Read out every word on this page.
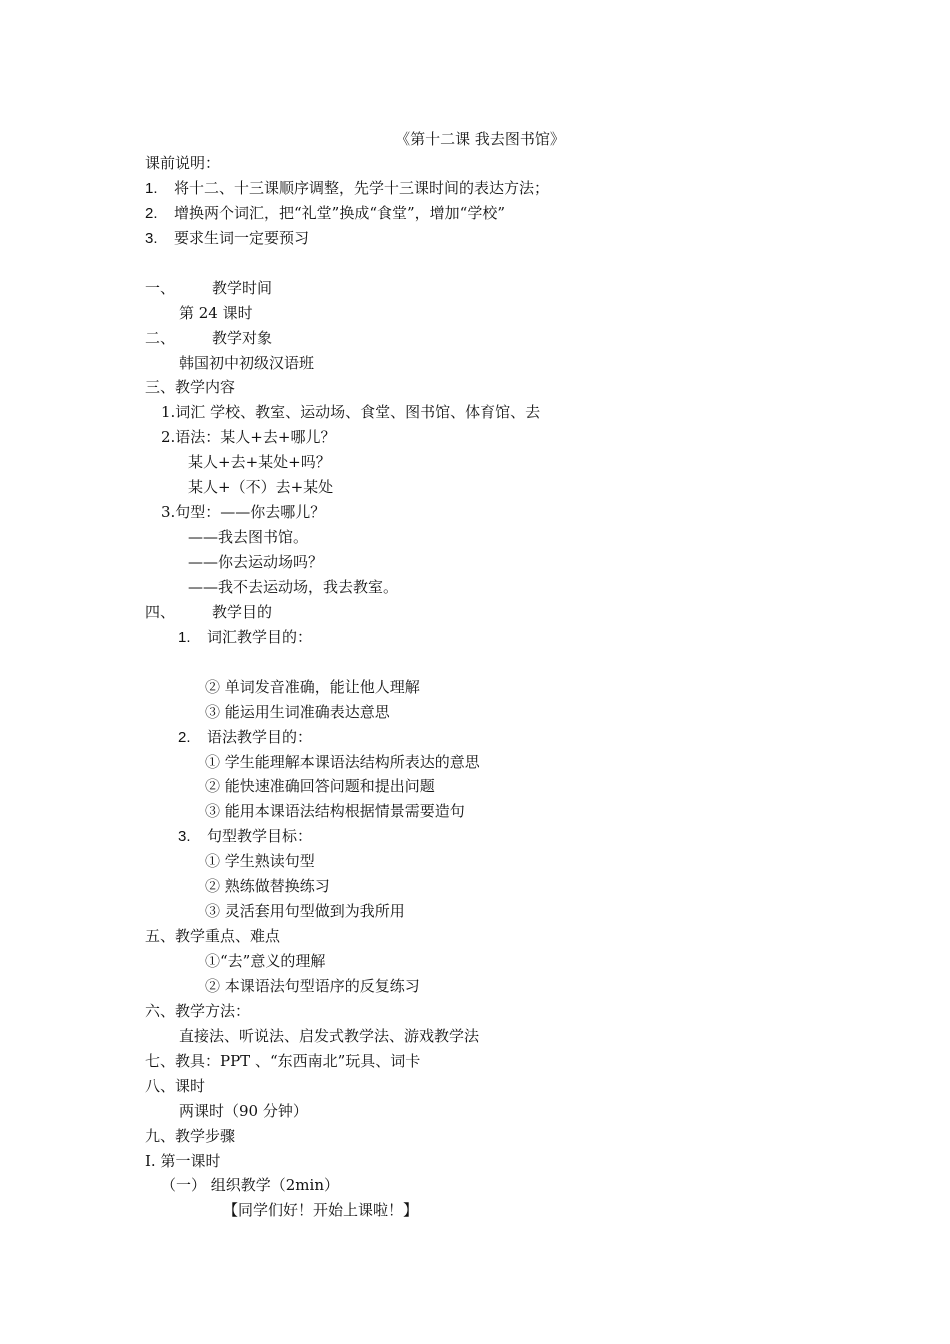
《第十二课 我去图书馆》
课前说明：
1. 将十二、十三课顺序调整，先学十三课时间的表达方法；
2. 增换两个词汇，把“礼堂”换成“食堂”，增加“学校”
3. 要求生词一定要预习
一、 教学时间
第 24 课时
二、 教学对象
韩国初中初级汉语班
三、教学内容
1.词汇 学校、教室、运动场、食堂、图书馆、体育馆、去
2.语法：某人+去+哪儿？
某人+去+某处+吗？
某人+（不）去+某处
3.句型：——你去哪儿？
——我去图书馆。
——你去运动场吗？
——我不去运动场，我去教室。
四、 教学目的
1. 词汇教学目的：
② 单词发音准确，能让他人理解
③ 能运用生词准确表达意思
2. 语法教学目的：
① 学生能理解本课语法结构所表达的意思
② 能快速准确回答问题和提出问题
③ 能用本课语法结构根据情景需要造句
3. 句型教学目标：
① 学生熟读句型
② 熟练做替换练习
③ 灵活套用句型做到为我所用
五、教学重点、难点
①“去”意义的理解
② 本课语法句型语序的反复练习
六、教学方法：
直接法、听说法、启发式教学法、游戏教学法
七、教具：PPT 、“东西南北”玩具、词卡
八、课时
两课时（90 分钟）
九、教学步骤
Ⅰ. 第一课时
（一） 组织教学（2min）
【同学们好！开始上课啦！】
